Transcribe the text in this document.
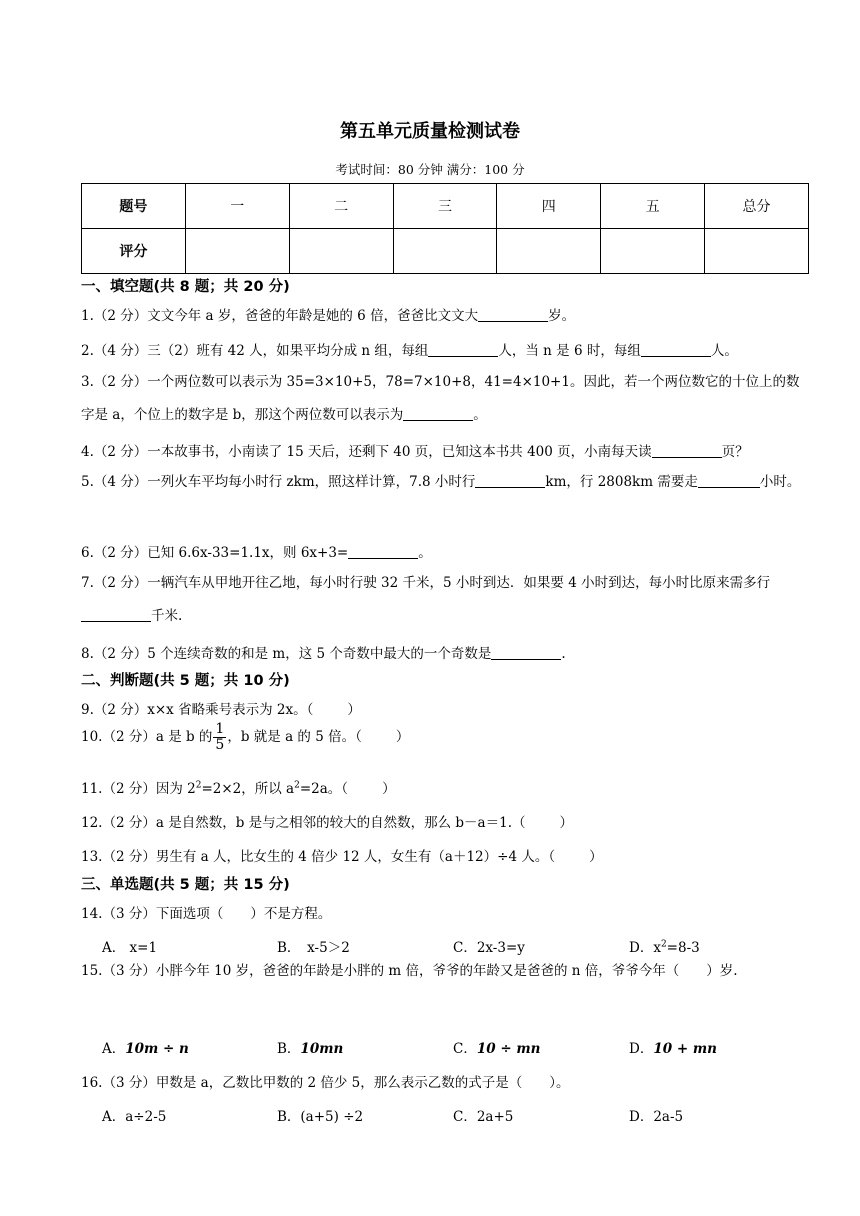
第五单元质量检测试卷
考试时间：80 分钟 满分：100 分
题号	一	二	三	四	五	总分
评分						
一、填空题(共 8 题；共 20 分)
1.（2 分）文文今年 a 岁，爸爸的年龄是她的 6 倍，爸爸比文文大	岁。
2.（4 分）三（2）班有 42 人，如果平均分成 n 组，每组	人，当 n 是 6 时，每组	人。
3.（2 分）一个两位数可以表示为 35=3×10+5，78=7×10+8，41=4×10+1。因此，若一个两位数它的十位上的数字是 a，个位上的数字是 b，那这个两位数可以表示为	。
4.（2 分）一本故事书，小南读了 15 天后，还剩下 40 页，已知这本书共 400 页，小南每天读	页？
5.（4 分）一列火车平均每小时行 zkm，照这样计算，7.8 小时行	km，行 2808km 需要走	小时。
6.（2 分）已知 6.6x-33=1.1x，则 6x+3=	。
7.（2 分）一辆汽车从甲地开往乙地，每小时行驶 32 千米，5 小时到达．如果要 4 小时到达，每小时比原来需多行千米.
8.（2 分）5 个连续奇数的和是 m，这 5 个奇数中最大的一个奇数是	.
二、判断题(共 5 题；共 10 分)
9.（2 分）x×x 省略乘号表示为 2x。（	）
10.（2 分）a 是 b 的 $\frac{1}{5}$ ，b 就是 a 的 5 倍。（	）
11.（2 分）因为 $2^2=2\times 2$，所以 $a^2=2a$。（	）
12.（2 分）a 是自然数，b 是与之相邻的较大的自然数，那么 b－a＝1.（	）
13.（2 分）男生有 a 人，比女生的 4 倍少 12 人，女生有（a＋12）÷4 人。（	）
三、单选题(共 5 题；共 15 分)
14.（3 分）下面选项（　　）不是方程。
A． x=1	B．　x-5＞2	C．2x-3=y	D．$x^2=8-3$
15.（3 分）小胖今年 10 岁，爸爸的年龄是小胖的 m 倍，爷爷的年龄又是爸爸的 n 倍，爷爷今年（　　）岁.
A．10m ÷ n	B．10mn	C．10 ÷ mn	D．10 + mn
16.（3 分）甲数是 a，乙数比甲数的 2 倍少 5，那么表示乙数的式子是（　　）。
A．a÷2-5	B．(a+5) ÷2	C．2a+5	D．2a-5
